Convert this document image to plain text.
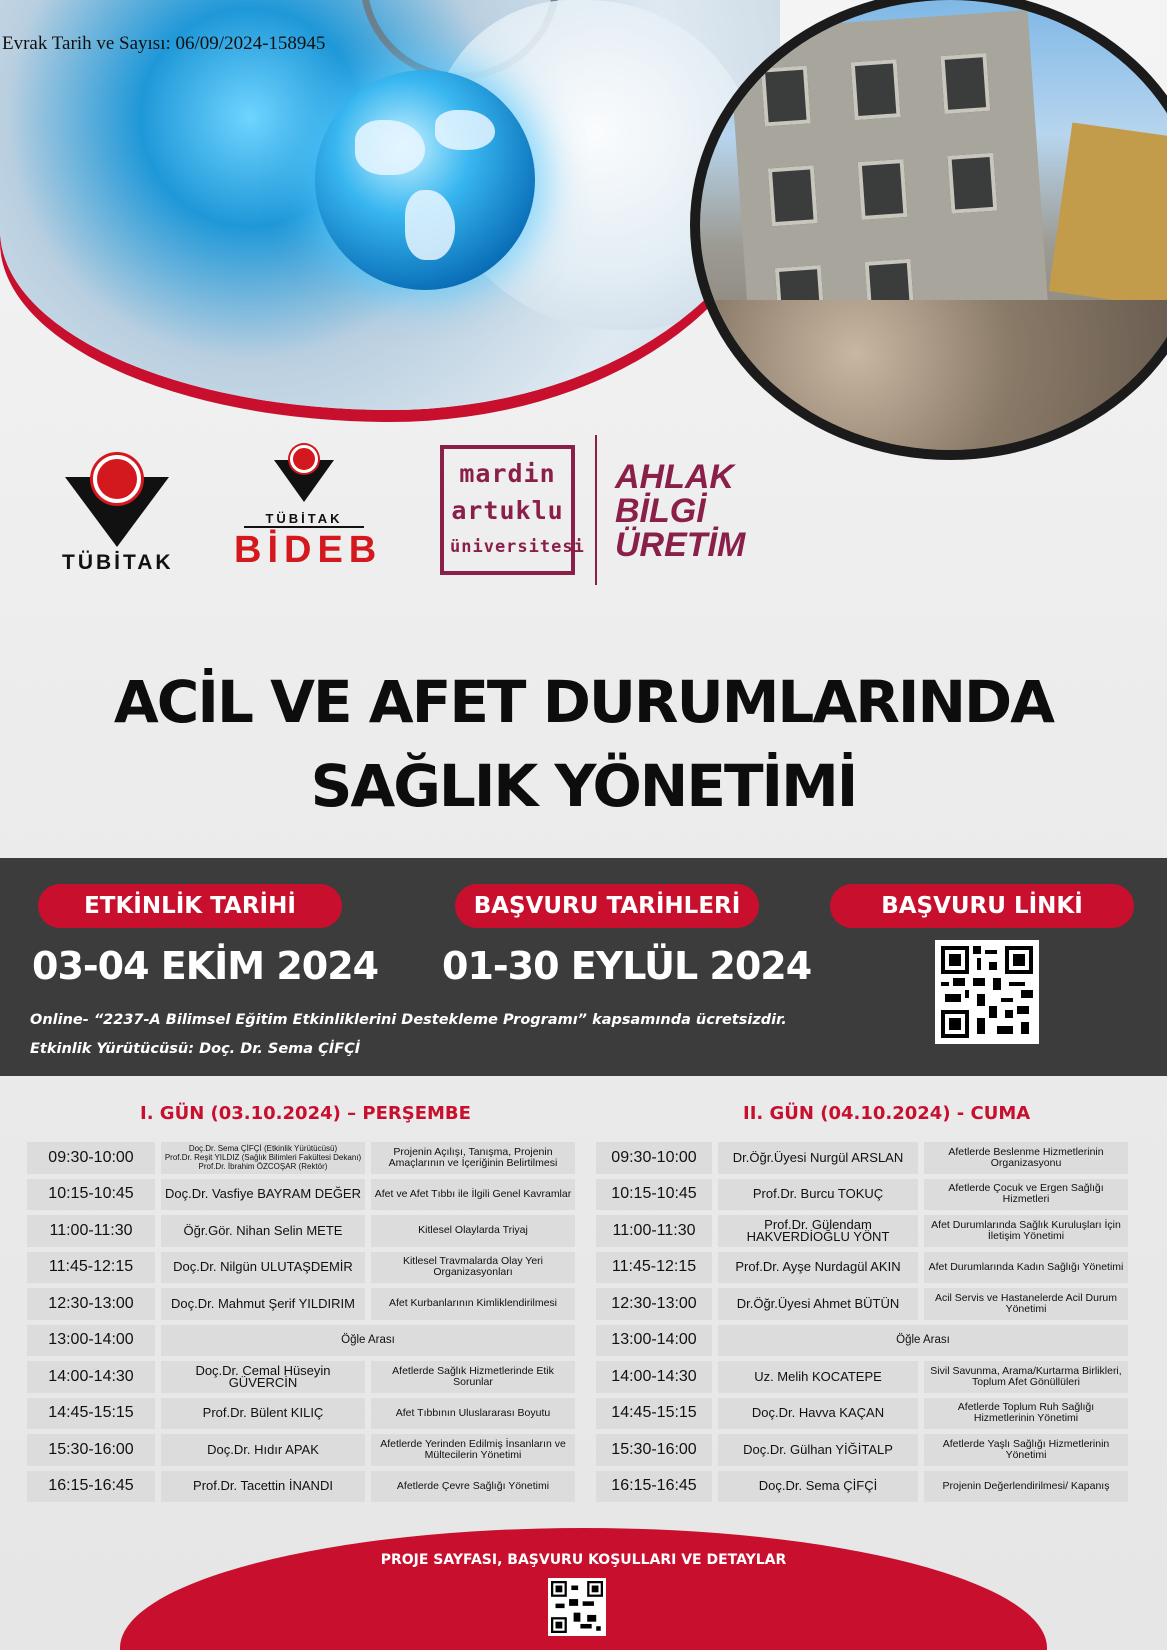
Evrak Tarih ve Sayısı: 06/09/2024-158945
TÜBİTAK
TÜBİTAK
BİDEB
mardin
artuklu
üniversitesi
AHLAK
BİLGİ
ÜRETİM
ACİL VE AFET DURUMLARINDA
SAĞLIK YÖNETİMİ
ETKİNLİK TARİHİ	BAŞVURU TARİHLERİ	BAŞVURU LİNKİ
03-04 EKİM 2024 01-30 EYLÜL 2024
Online- “2237-A Bilimsel Eğitim Etkinliklerini Destekleme Programı” kapsamında ücretsizdir.
Etkinlik Yürütücüsü: Doç. Dr. Sema ÇİFÇİ
I. GÜN (03.10.2024) – PERŞEMBE	II. GÜN (04.10.2024) - CUMA
09:30-10:00	Doç.Dr. Sema ÇİFÇİ (Etkinlik Yürütücüsü)
Prof.Dr. Reşit YILDIZ (Sağlık Bilimleri Fakültesi Dekanı)
Prof.Dr. İbrahim ÖZCOŞAR (Rektör)	Projenin Açılışı, Tanışma, Projenin Amaçlarının ve İçeriğinin Belirtilmesi
10:15-10:45	Doç.Dr. Vasfiye BAYRAM DEĞER	Afet ve Afet Tıbbı ile İlgili Genel Kavramlar
11:00-11:30	Öğr.Gör. Nihan Selin METE	Kitlesel Olaylarda Triyaj
11:45-12:15	Doç.Dr. Nilgün ULUTAŞDEMİR	Kitlesel Travmalarda Olay Yeri Organizasyonları
12:30-13:00	Doç.Dr. Mahmut Şerif YILDIRIM	Afet Kurbanlarının Kimliklendirilmesi
13:00-14:00	Öğle Arası	
14:00-14:30	Doç.Dr. Cemal Hüseyin GÜVERCİN	Afetlerde Sağlık Hizmetlerinde Etik Sorunlar
14:45-15:15	Prof.Dr. Bülent KILIÇ	Afet Tıbbının Uluslararası Boyutu
15:30-16:00	Doç.Dr. Hıdır APAK	Afetlerde Yerinden Edilmiş İnsanların ve Mültecilerin Yönetimi
16:15-16:45	Prof.Dr. Tacettin İNANDI	Afetlerde Çevre Sağlığı Yönetimi
09:30-10:00	Dr.Öğr.Üyesi Nurgül ARSLAN	Afetlerde Beslenme Hizmetlerinin Organizasyonu
10:15-10:45	Prof.Dr. Burcu TOKUÇ	Afetlerde Çocuk ve Ergen Sağlığı Hizmetleri
11:00-11:30	Prof.Dr. Gülendam HAKVERDİOĞLU YÖNT	Afet Durumlarında Sağlık Kuruluşları İçin İletişim Yönetimi
11:45-12:15	Prof.Dr. Ayşe Nurdagül AKIN	Afet Durumlarında Kadın Sağlığı Yönetimi
12:30-13:00	Dr.Öğr.Üyesi Ahmet BÜTÜN	Acil Servis ve Hastanelerde Acil Durum Yönetimi
13:00-14:00	Öğle Arası	
14:00-14:30	Uz. Melih KOCATEPE	Sivil Savunma, Arama/Kurtarma Birlikleri, Toplum Afet Gönüllüleri
14:45-15:15	Doç.Dr. Havva KAÇAN	Afetlerde Toplum Ruh Sağlığı Hizmetlerinin Yönetimi
15:30-16:00	Doç.Dr. Gülhan YİĞİTALP	Afetlerde Yaşlı Sağlığı Hizmetlerinin Yönetimi
16:15-16:45	Doç.Dr. Sema ÇİFÇİ	Projenin Değerlendirilmesi/ Kapanış
PROJE SAYFASI, BAŞVURU KOŞULLARI VE DETAYLAR
